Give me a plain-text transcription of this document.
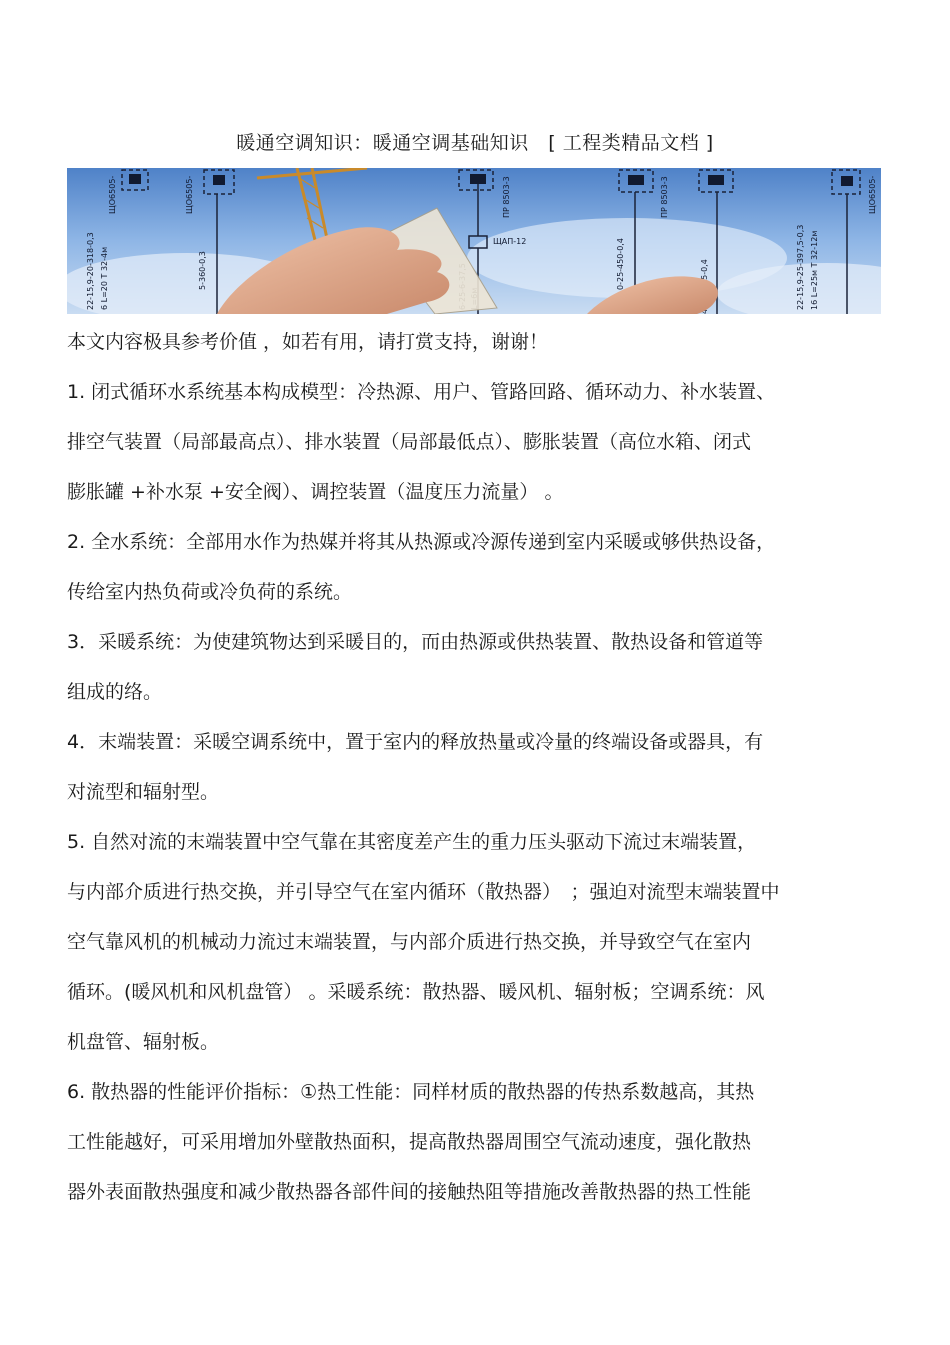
暖通空调知识：暖通空调基础知识　[ 工程类精品文档 ]
ЩО6505-	ЩО6505-	ПР 8503-3
ЩАП-12
ПР 8503-3	ЩО6505-
22-15,9-20-318-0,3 6 L=20 T 32-4м	5-360-0,3	0-25-450-0,4	22-15,9-25-397,5-0,3 16 L=25м T 32-12м
本文内容极具参考价值 ，如若有用，请打赏支持，谢谢！
1. 闭式循环水系统基本构成模型：冷热源、用户、管路回路、循环动力、补水装置、
排空气装置（局部最高点）、排水装置（局部最低点）、膨胀装置（高位水箱、闭式
膨胀罐 +补水泵 +安全阀）、调控装置（温度压力流量） 。
2. 全水系统：全部用水作为热媒并将其从热源或冷源传递到室内采暖或够供热设备，
传给室内热负荷或冷负荷的系统。
3．采暖系统：为使建筑物达到采暖目的，而由热源或供热装置、散热设备和管道等
组成的络。
4．末端装置：采暖空调系统中，置于室内的释放热量或冷量的终端设备或器具，有
对流型和辐射型。
5. 自然对流的末端装置中空气靠在其密度差产生的重力压头驱动下流过末端装置，
与内部介质进行热交换，并引导空气在室内循环（散热器）　；强迫对流型末端装置中
空气靠风机的机械动力流过末端装置，与内部介质进行热交换，并导致空气在室内
循环。(暖风机和风机盘管） 。采暖系统：散热器、暖风机、辐射板；空调系统：风
机盘管、辐射板。
6. 散热器的性能评价指标：①热工性能：同样材质的散热器的传热系数越高，其热
工性能越好，可采用增加外壁散热面积，提高散热器周围空气流动速度，强化散热
器外表面散热强度和减少散热器各部件间的接触热阻等措施改善散热器的热工性能
